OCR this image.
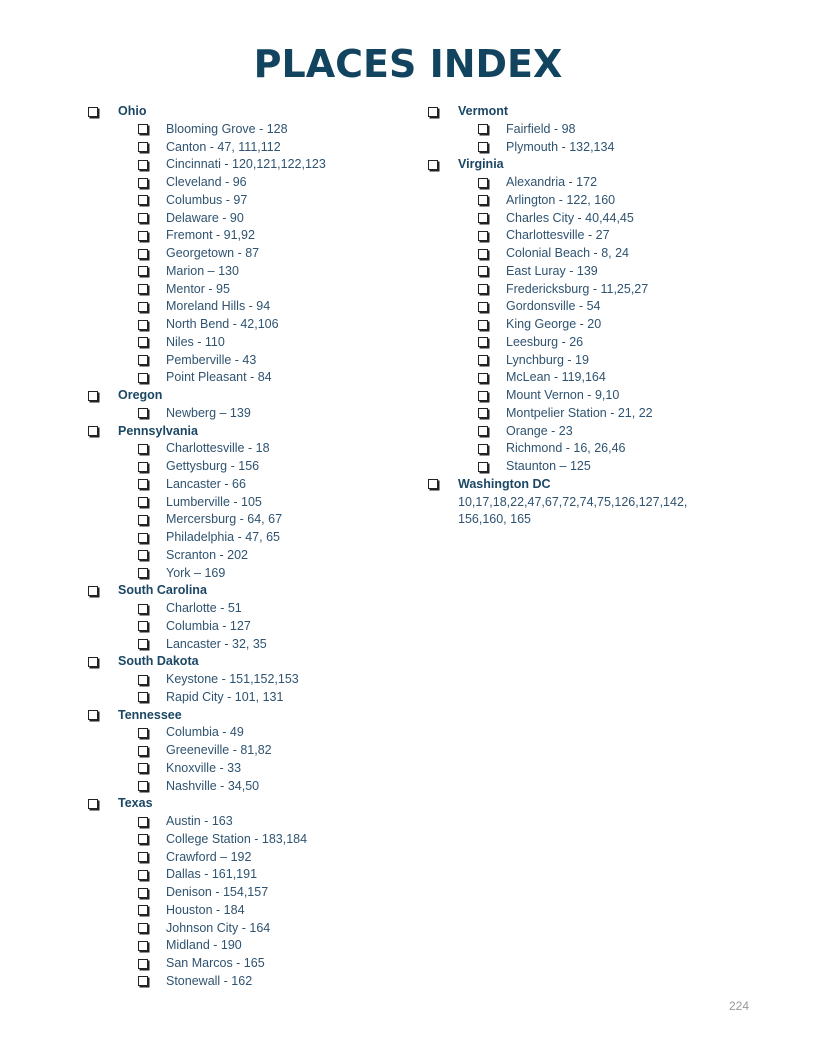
PLACES INDEX
Ohio
Blooming Grove - 128
Canton - 47, 111,112
Cincinnati - 120,121,122,123
Cleveland - 96
Columbus - 97
Delaware - 90
Fremont - 91,92
Georgetown - 87
Marion – 130
Mentor - 95
Moreland Hills - 94
North Bend - 42,106
Niles - 110
Pemberville - 43
Point Pleasant - 84
Oregon
Newberg – 139
Pennsylvania
Charlottesville - 18
Gettysburg - 156
Lancaster - 66
Lumberville - 105
Mercersburg - 64, 67
Philadelphia - 47, 65
Scranton - 202
York – 169
South Carolina
Charlotte - 51
Columbia - 127
Lancaster - 32, 35
South Dakota
Keystone - 151,152,153
Rapid City - 101, 131
Tennessee
Columbia - 49
Greeneville - 81,82
Knoxville - 33
Nashville - 34,50
Texas
Austin - 163
College Station - 183,184
Crawford – 192
Dallas - 161,191
Denison - 154,157
Houston - 184
Johnson City - 164
Midland - 190
San Marcos - 165
Stonewall - 162
Vermont
Fairfield - 98
Plymouth - 132,134
Virginia
Alexandria - 172
Arlington - 122, 160
Charles City - 40,44,45
Charlottesville - 27
Colonial Beach - 8, 24
East Luray - 139
Fredericksburg - 11,25,27
Gordonsville - 54
King George - 20
Leesburg - 26
Lynchburg - 19
McLean - 119,164
Mount Vernon - 9,10
Montpelier Station - 21, 22
Orange - 23
Richmond - 16, 26,46
Staunton – 125
Washington DC
10,17,18,22,47,67,72,74,75,126,127,142, 156,160, 165
224
